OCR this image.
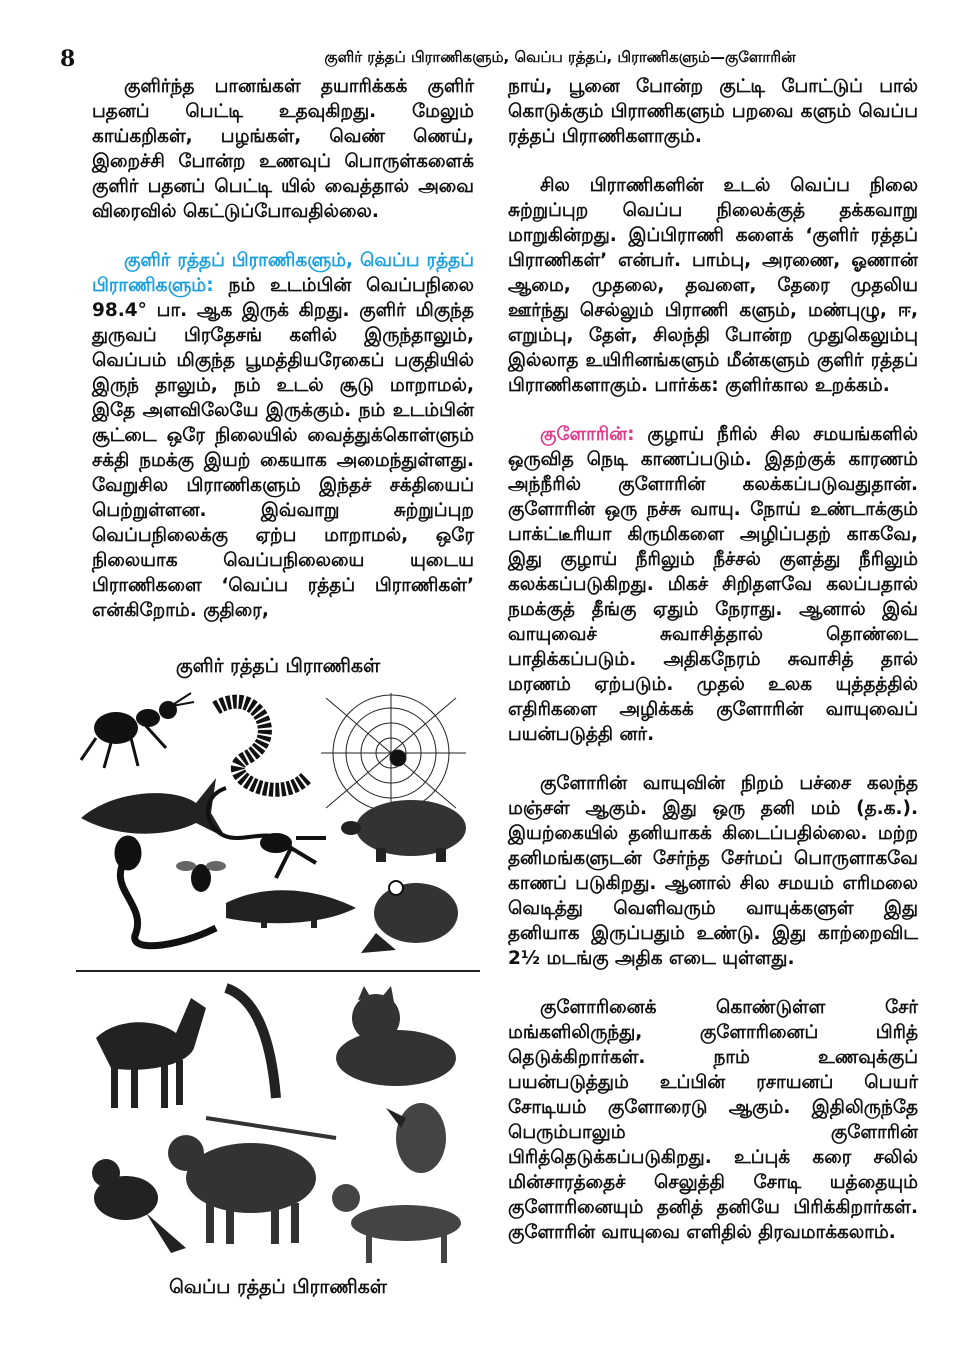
8	குளிர் ரத்தப் பிராணிகளும், வெப்ப ரத்தப், பிராணிகளும்—குளோரின்

குளிர்ந்த பானங்கள் தயாரிக்கக் குளிர் பதனப் பெட்டி உதவுகிறது. மேலும் காய்கறிகள், பழங்கள், வெண் ணெய், இறைச்சி போன்ற உணவுப் பொருள்களைக் குளிர் பதனப் பெட்டி யில் வைத்தால் அவை விரைவில் கெட்டுப்போவதில்லை.

குளிர் ரத்தப் பிராணிகளும், வெப்ப ரத்தப் பிராணிகளும்: நம் உடம்பின் வெப்பநிலை 98.4° பா. ஆக இருக் கிறது. குளிர் மிகுந்த துருவப் பிரதேசங் களில் இருந்தாலும், வெப்பம் மிகுந்த பூமத்தியரேகைப் பகுதியில் இருந் தாலும், நம் உடல் சூடு மாறாமல், இதே அளவிலேயே இருக்கும். நம் உடம்பின் சூட்டை ஒரே நிலையில் வைத்துக்கொள்ளும் சக்தி நமக்கு இயற் கையாக அமைந்துள்ளது. வேறுசில பிராணிகளும் இந்தச் சக்தியைப் பெற்றுள்ளன. இவ்வாறு சுற்றுப்புற வெப்பநிலைக்கு ஏற்ப மாறாமல், ஒரே நிலையாக வெப்பநிலையை யுடைய பிராணிகளை ‘வெப்ப ரத்தப் பிராணிகள்’ என்கிறோம். குதிரை,

குளிர் ரத்தப் பிராணிகள்

வெப்ப ரத்தப் பிராணிகள்

நாய், பூனை போன்ற குட்டி போட்டுப் பால் கொடுக்கும் பிராணிகளும் பறவை களும் வெப்ப ரத்தப் பிராணிகளாகும்.

சில பிராணிகளின் உடல் வெப்ப நிலை சுற்றுப்புற வெப்ப நிலைக்குத் தக்கவாறு மாறுகின்றது. இப்பிராணி களைக் ‘குளிர் ரத்தப் பிராணிகள்’ என்பர். பாம்பு, அரணை, ஓணான் ஆமை, முதலை, தவளை, தேரை முதலிய ஊர்ந்து செல்லும் பிராணி களும், மண்புழு, ஈ, எறும்பு, தேள், சிலந்தி போன்ற முதுகெலும்பு இல்லாத உயிரினங்களும் மீன்களும் குளிர் ரத்தப் பிராணிகளாகும். பார்க்க: குளிர்கால உறக்கம்.

குளோரின்: குழாய் நீரில் சில சமயங்களில் ஒருவித நெடி காணப்படும். இதற்குக் காரணம் அந்நீரில் குளோரின் கலக்கப்படுவதுதான். குளோரின் ஒரு நச்சு வாயு. நோய் உண்டாக்கும் பாக்ட்டீரியா கிருமிகளை அழிப்பதற் காகவே, இது குழாய் நீரிலும் நீச்சல் குளத்து நீரிலும் கலக்கப்படுகிறது. மிகச் சிறிதளவே கலப்பதால் நமக்குத் தீங்கு ஏதும் நேராது. ஆனால் இவ் வாயுவைச் சுவாசித்தால் தொண்டை பாதிக்கப்படும். அதிகநேரம் சுவாசித் தால் மரணம் ஏற்படும். முதல் உலக யுத்தத்தில் எதிரிகளை அழிக்கக் குளோரின் வாயுவைப் பயன்படுத்தி னர்.

குளோரின் வாயுவின் நிறம் பச்சை கலந்த மஞ்சள் ஆகும். இது ஒரு தனி மம் (த.க.). இயற்கையில் தனியாகக் கிடைப்பதில்லை. மற்ற தனிமங்களுடன் சேர்ந்த சேர்மப் பொருளாகவே காணப் படுகிறது. ஆனால் சில சமயம் எரிமலை வெடித்து வெளிவரும் வாயுக்களுள் இது தனியாக இருப்பதும் உண்டு. இது காற்றைவிட 2½ மடங்கு அதிக எடை யுள்ளது.

குளோரினைக் கொண்டுள்ள சேர் மங்களிலிருந்து, குளோரினைப் பிரித் தெடுக்கிறார்கள். நாம் உணவுக்குப் பயன்படுத்தும் உப்பின் ரசாயனப் பெயர் சோடியம் குளோரைடு ஆகும். இதிலிருந்தே பெரும்பாலும் குளோரின் பிரித்தெடுக்கப்படுகிறது. உப்புக் கரை சலில் மின்சாரத்தைச் செலுத்தி சோடி யத்தையும் குளோரினையும் தனித் தனியே பிரிக்கிறார்கள். குளோரின் வாயுவை எளிதில் திரவமாக்கலாம்.
